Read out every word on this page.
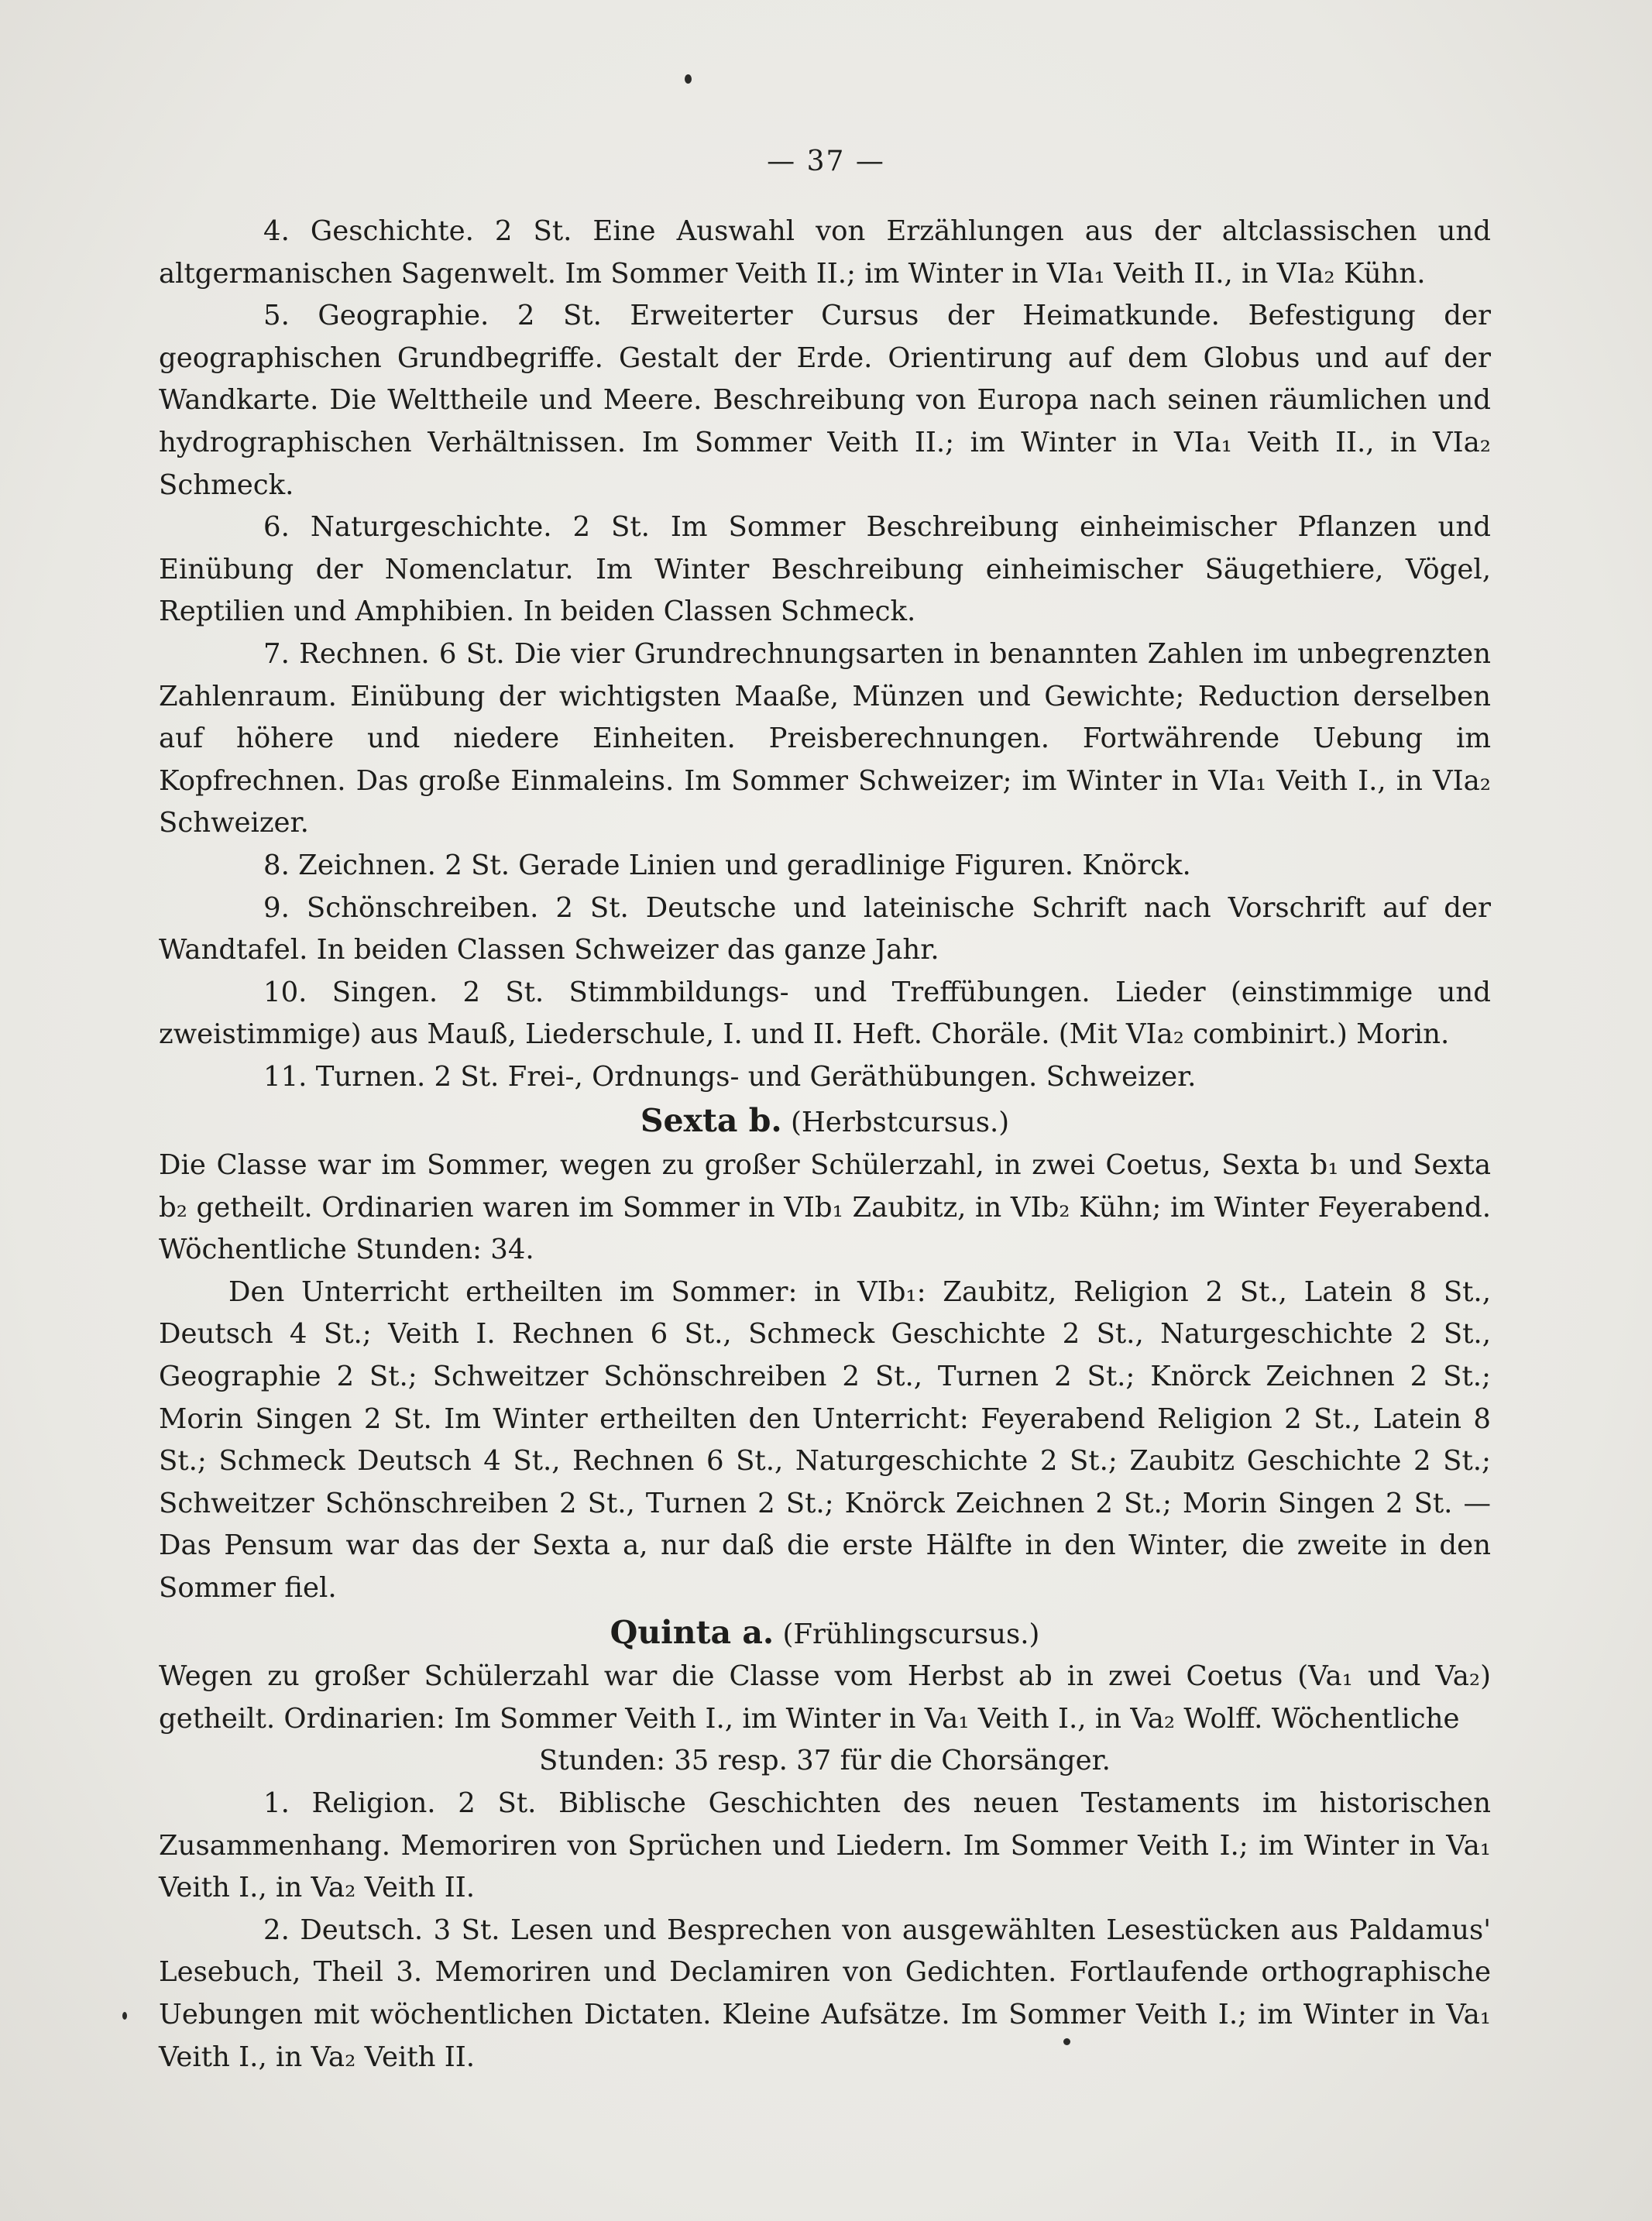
— 37 —

4. Geschichte. 2 St. Eine Auswahl von Erzählungen aus der altclassischen und altgermanischen Sagenwelt. Im Sommer Veith II.; im Winter in VIa₁ Veith II., in VIa₂ Kühn.

5. Geographie. 2 St. Erweiterter Cursus der Heimatkunde. Befestigung der geographischen Grundbegriffe. Gestalt der Erde. Orientirung auf dem Globus und auf der Wandkarte. Die Welttheile und Meere. Beschreibung von Europa nach seinen räumlichen und hydrographischen Verhältnissen. Im Sommer Veith II.; im Winter in VIa₁ Veith II., in VIa₂ Schmeck.

6. Naturgeschichte. 2 St. Im Sommer Beschreibung einheimischer Pflanzen und Einübung der Nomenclatur. Im Winter Beschreibung einheimischer Säugethiere, Vögel, Reptilien und Amphibien. In beiden Classen Schmeck.

7. Rechnen. 6 St. Die vier Grundrechnungsarten in benannten Zahlen im unbegrenzten Zahlenraum. Einübung der wichtigsten Maaße, Münzen und Gewichte; Reduction derselben auf höhere und niedere Einheiten. Preisberechnungen. Fortwährende Uebung im Kopfrechnen. Das große Einmaleins. Im Sommer Schweizer; im Winter in VIa₁ Veith I., in VIa₂ Schweizer.

8. Zeichnen. 2 St. Gerade Linien und geradlinige Figuren. Knörck.

9. Schönschreiben. 2 St. Deutsche und lateinische Schrift nach Vorschrift auf der Wandtafel. In beiden Classen Schweizer das ganze Jahr.

10. Singen. 2 St. Stimmbildungs- und Treffübungen. Lieder (einstimmige und zweistimmige) aus Mauß, Liederschule, I. und II. Heft. Choräle. (Mit VIa₂ combinirt.) Morin.

11. Turnen. 2 St. Frei-, Ordnungs- und Geräthübungen. Schweizer.

Sexta b. (Herbstcursus.)

Die Classe war im Sommer, wegen zu großer Schülerzahl, in zwei Coetus, Sexta b₁ und Sexta b₂ getheilt. Ordinarien waren im Sommer in VIb₁ Zaubitz, in VIb₂ Kühn; im Winter Feyerabend. Wöchentliche Stunden: 34.

Den Unterricht ertheilten im Sommer: in VIb₁: Zaubitz, Religion 2 St., Latein 8 St., Deutsch 4 St.; Veith I. Rechnen 6 St., Schmeck Geschichte 2 St., Naturgeschichte 2 St., Geographie 2 St.; Schweitzer Schönschreiben 2 St., Turnen 2 St.; Knörck Zeichnen 2 St.; Morin Singen 2 St. Im Winter ertheilten den Unterricht: Feyerabend Religion 2 St., Latein 8 St.; Schmeck Deutsch 4 St., Rechnen 6 St., Naturgeschichte 2 St.; Zaubitz Geschichte 2 St.; Schweitzer Schönschreiben 2 St., Turnen 2 St.; Knörck Zeichnen 2 St.; Morin Singen 2 St. — Das Pensum war das der Sexta a, nur daß die erste Hälfte in den Winter, die zweite in den Sommer fiel.

Quinta a. (Frühlingscursus.)

Wegen zu großer Schülerzahl war die Classe vom Herbst ab in zwei Coetus (Va₁ und Va₂) getheilt. Ordinarien: Im Sommer Veith I., im Winter in Va₁ Veith I., in Va₂ Wolff. Wöchentliche

Stunden: 35 resp. 37 für die Chorsänger.

1. Religion. 2 St. Biblische Geschichten des neuen Testaments im historischen Zusammenhang. Memoriren von Sprüchen und Liedern. Im Sommer Veith I.; im Winter in Va₁ Veith I., in Va₂ Veith II.

2. Deutsch. 3 St. Lesen und Besprechen von ausgewählten Lesestücken aus Paldamus' Lesebuch, Theil 3. Memoriren und Declamiren von Gedichten. Fortlaufende orthographische Uebungen mit wöchentlichen Dictaten. Kleine Aufsätze. Im Sommer Veith I.; im Winter in Va₁ Veith I., in Va₂ Veith II.
